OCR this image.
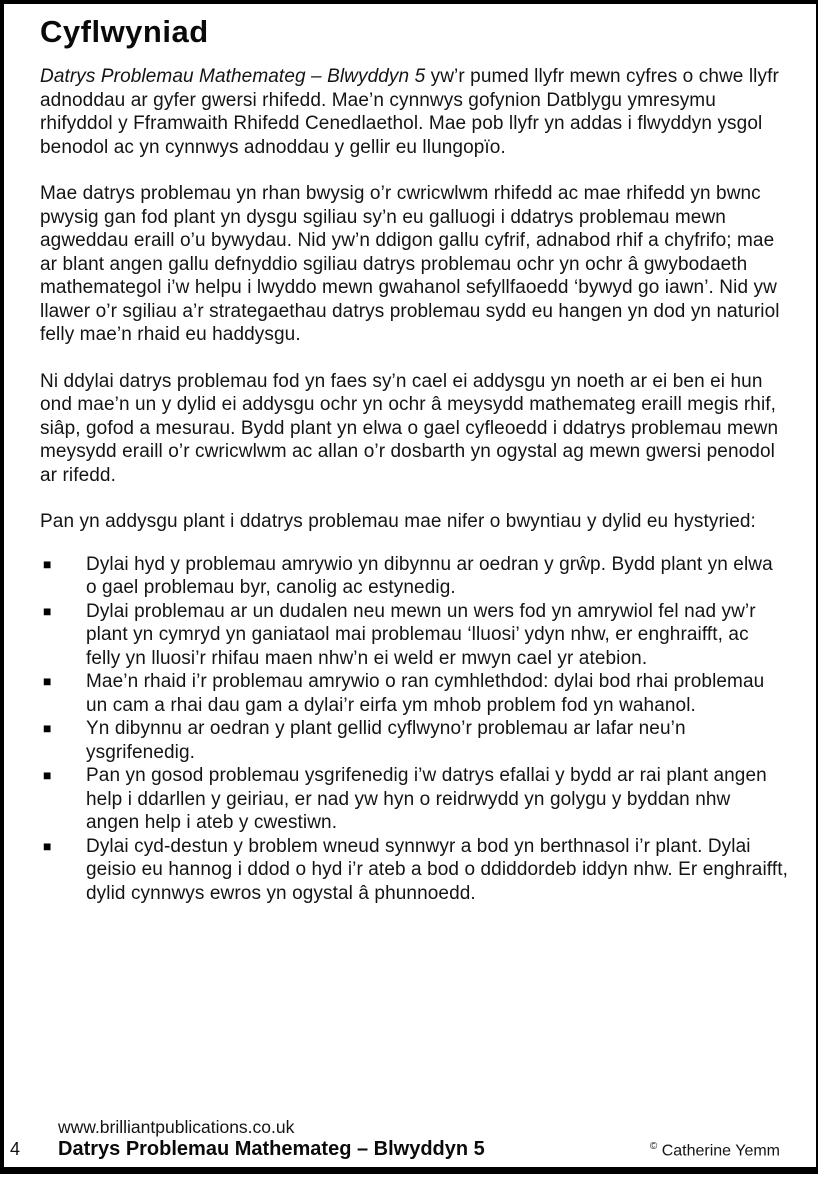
Cyflwyniad

Datrys Problemau Mathemateg – Blwyddyn 5 yw’r pumed llyfr mewn cyfres o chwe llyfr adnoddau ar gyfer gwersi rhifedd. Mae’n cynnwys gofynion Datblygu ymresymu rhifyddol y Fframwaith Rhifedd Cenedlaethol. Mae pob llyfr yn addas i flwyddyn ysgol benodol ac yn cynnwys adnoddau y gellir eu llungopïo.

Mae datrys problemau yn rhan bwysig o’r cwricwlwm rhifedd ac mae rhifedd yn bwnc pwysig gan fod plant yn dysgu sgiliau sy’n eu galluogi i ddatrys problemau mewn agweddau eraill o’u bywydau. Nid yw’n ddigon gallu cyfrif, adnabod rhif a chyfrifo; mae ar blant angen gallu defnyddio sgiliau datrys problemau ochr yn ochr â gwybodaeth mathemategol i’w helpu i lwyddo mewn gwahanol sefyllfaoedd ‘bywyd go iawn’. Nid yw llawer o’r sgiliau a’r strategaethau datrys problemau sydd eu hangen yn dod yn naturiol felly mae’n rhaid eu haddysgu.

Ni ddylai datrys problemau fod yn faes sy’n cael ei addysgu yn noeth ar ei ben ei hun ond mae’n un y dylid ei addysgu ochr yn ochr â meysydd mathemateg eraill megis rhif, siâp, gofod a mesurau. Bydd plant yn elwa o gael cyfleoedd i ddatrys problemau mewn meysydd eraill o’r cwricwlwm ac allan o’r dosbarth yn ogystal ag mewn gwersi penodol ar rifedd.

Pan yn addysgu plant i ddatrys problemau mae nifer o bwyntiau y dylid eu hystyried:

■ Dylai hyd y problemau amrywio yn dibynnu ar oedran y grŵp. Bydd plant yn elwa o gael problemau byr, canolig ac estynedig.
■ Dylai problemau ar un dudalen neu mewn un wers fod yn amrywiol fel nad yw’r plant yn cymryd yn ganiataol mai problemau ‘lluosi’ ydyn nhw, er enghraifft, ac felly yn lluosi’r rhifau maen nhw’n ei weld er mwyn cael yr atebion.
■ Mae’n rhaid i’r problemau amrywio o ran cymhlethdod: dylai bod rhai problemau un cam a rhai dau gam a dylai’r eirfa ym mhob problem fod yn wahanol.
■ Yn dibynnu ar oedran y plant gellid cyflwyno’r problemau ar lafar neu’n ysgrifenedig.
■ Pan yn gosod problemau ysgrifenedig i’w datrys efallai y bydd ar rai plant angen help i ddarllen y geiriau, er nad yw hyn o reidrwydd yn golygu y byddan nhw angen help i ateb y cwestiwn.
■ Dylai cyd-destun y broblem wneud synnwyr a bod yn berthnasol i’r plant. Dylai geisio eu hannog i ddod o hyd i’r ateb a bod o ddiddordeb iddyn nhw. Er enghraifft, dylid cynnwys ewros yn ogystal â phunnoedd.
www.brilliantpublications.co.uk
4 Datrys Problemau Mathemateg – Blwyddyn 5	© Catherine Yemm
